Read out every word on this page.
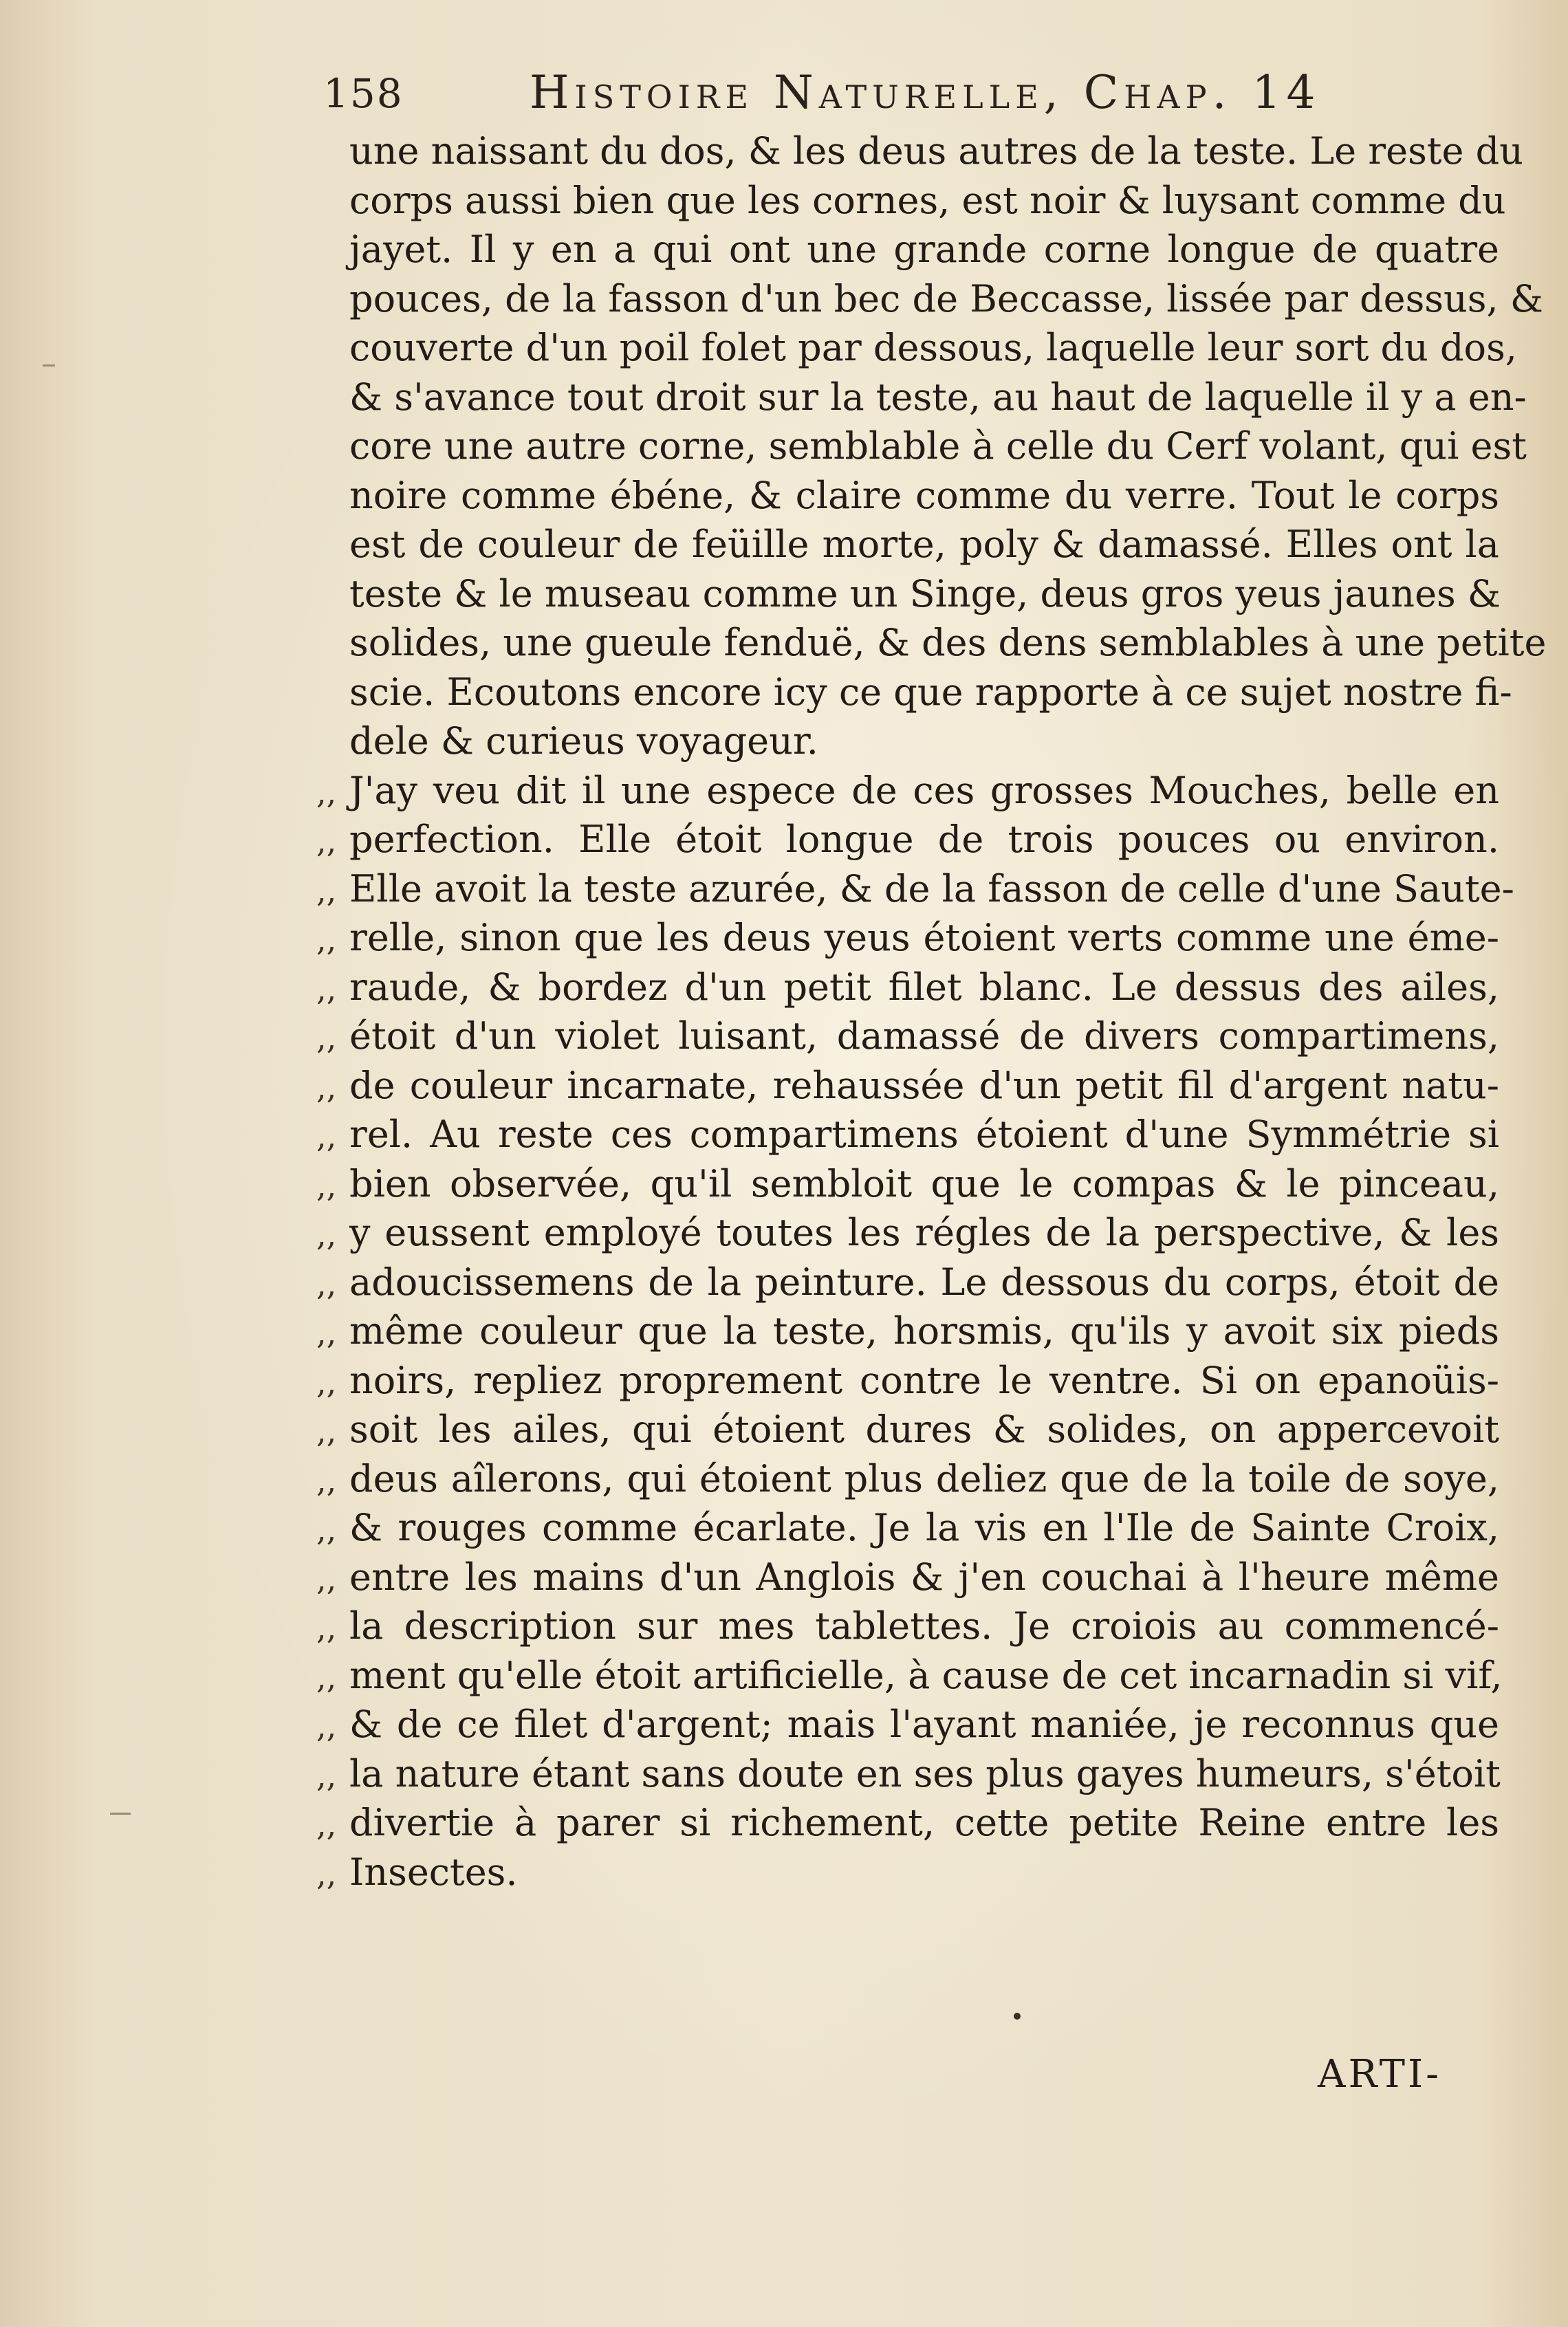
158	Histoire Naturelle, Chap. 14
une naissant du dos, & les deus autres de la teste. Le reste du
corps aussi bien que les cornes, est noir & luysant comme du
jayet. Il y en a qui ont une grande corne longue de quatre
pouces, de la fasson d'un bec de Beccasse, lissée par dessus, &
couverte d'un poil folet par dessous, laquelle leur sort du dos,
& s'avance tout droit sur la teste, au haut de laquelle il y a en-
core une autre corne, semblable à celle du Cerf volant, qui est
noire comme ébéne, & claire comme du verre. Tout le corps
est de couleur de feüille morte, poly & damassé. Elles ont la
teste & le museau comme un Singe, deus gros yeus jaunes &
solides, une gueule fenduë, & des dens semblables à une petite
scie. Ecoutons encore icy ce que rapporte à ce sujet nostre fi-
dele & curieus voyageur.
,, J'ay veu dit il une espece de ces grosses Mouches, belle en
,, perfection. Elle étoit longue de trois pouces ou environ.
,, Elle avoit la teste azurée, & de la fasson de celle d'une Saute-
,, relle, sinon que les deus yeus étoient verts comme une éme-
,, raude, & bordez d'un petit filet blanc. Le dessus des ailes,
,, étoit d'un violet luisant, damassé de divers compartimens,
,, de couleur incarnate, rehaussée d'un petit fil d'argent natu-
,, rel. Au reste ces compartimens étoient d'une Symmétrie si
,, bien observée, qu'il sembloit que le compas & le pinceau,
,, y eussent employé toutes les régles de la perspective, & les
,, adoucissemens de la peinture. Le dessous du corps, étoit de
,, même couleur que la teste, horsmis, qu'ils y avoit six pieds
,, noirs, repliez proprement contre le ventre. Si on epanoüis-
,, soit les ailes, qui étoient dures & solides, on appercevoit
,, deus aîlerons, qui étoient plus deliez que de la toile de soye,
,, & rouges comme écarlate. Je la vis en l'Ile de Sainte Croix,
,, entre les mains d'un Anglois & j'en couchai à l'heure même
,, la description sur mes tablettes. Je croiois au commencé-
,, ment qu'elle étoit artificielle, à cause de cet incarnadin si vif,
,, & de ce filet d'argent; mais l'ayant maniée, je reconnus que
,, la nature étant sans doute en ses plus gayes humeurs, s'étoit
,, divertie à parer si richement, cette petite Reine entre les
,, Insectes.
ARTI-
